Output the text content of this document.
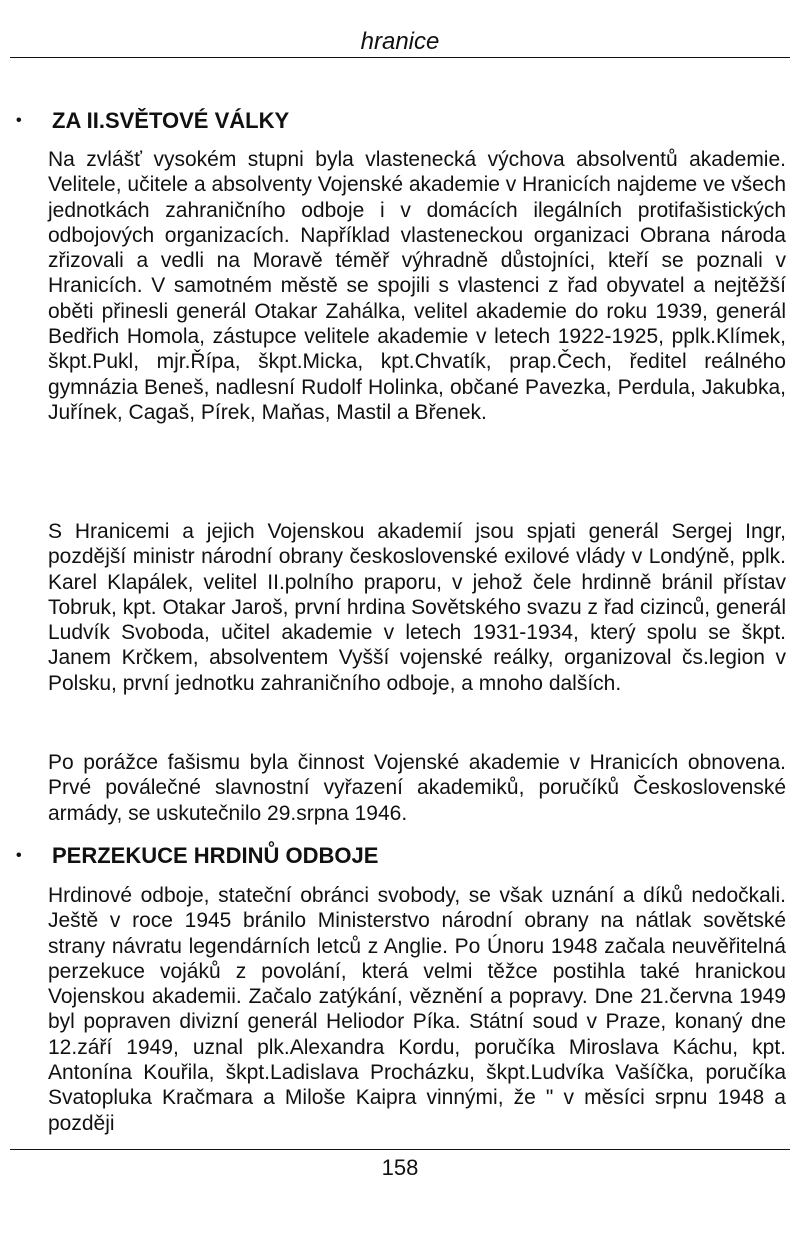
hranice
•	ZA II.SVĚTOVÉ VÁLKY

Na zvlášť vysokém stupni byla vlastenecká výchova absolventů akademie. Velitele, učitele a absolventy Vojenské akademie v Hranicích najdeme ve všech jednotkách zahraničního odboje i v domácích ilegálních protifašistických odbojových organizacích. Například vlasteneckou organizaci Obrana národa zřizovali a vedli na Moravě téměř výhradně důstojníci, kteří se poznali v Hranicích. V samotném městě se spojili s vlastenci z řad obyvatel a nejtěžší oběti přinesli generál Otakar Zahálka, velitel akademie do roku 1939, generál Bedřich Homola, zástupce velitele akademie v letech 1922-1925, pplk.Klímek, škpt.Pukl, mjr.Řípa, škpt.Micka, kpt.Chvatík, prap.Čech, ředitel reálného gymnázia Beneš, nadlesní Rudolf Holinka, občané Pavezka, Perdula, Jakubka, Juřínek, Cagaš, Pírek, Maňas, Mastil a Břenek.

S Hranicemi a jejich Vojenskou akademií jsou spjati generál Sergej Ingr, pozdější ministr národní obrany československé exilové vlády v Londýně, pplk. Karel Klapálek, velitel II.polního praporu, v jehož čele hrdinně bránil přístav Tobruk, kpt. Otakar Jaroš, první hrdina Sovětského svazu z řad cizinců, generál Ludvík Svoboda, učitel akademie v letech 1931-1934, který spolu se škpt. Janem Krčkem, absolventem Vyšší vojenské reálky, organizoval čs.legion v Polsku, první jednotku zahraničního odboje, a mnoho dalších.

Po porážce fašismu byla činnost Vojenské akademie v Hranicích obnovena. Prvé poválečné slavnostní vyřazení akademiků, poručíků Československé armády, se uskutečnilo 29.srpna 1946.

•	PERZEKUCE HRDINŮ ODBOJE

Hrdinové odboje, stateční obránci svobody, se však uznání a díků nedočkali. Ještě v roce 1945 bránilo Ministerstvo národní obrany na nátlak sovětské strany návratu legendárních letců z Anglie. Po Únoru 1948 začala neuvěřitelná perzekuce vojáků z povolání, která velmi těžce postihla také hranickou Vojenskou akademii. Začalo zatýkání, věznění a popravy. Dne 21.června 1949 byl popraven divizní generál Heliodor Píka. Státní soud v Praze, konaný dne 12.září 1949, uznal plk.Alexandra Kordu, poručíka Miroslava Káchu, kpt. Antonína Kouřila, škpt.Ladislava Procházku, škpt.Ludvíka Vašíčka, poručíka Svatopluka Kračmara a Miloše Kaipra vinnými, že " v měsíci srpnu 1948 a později

158
